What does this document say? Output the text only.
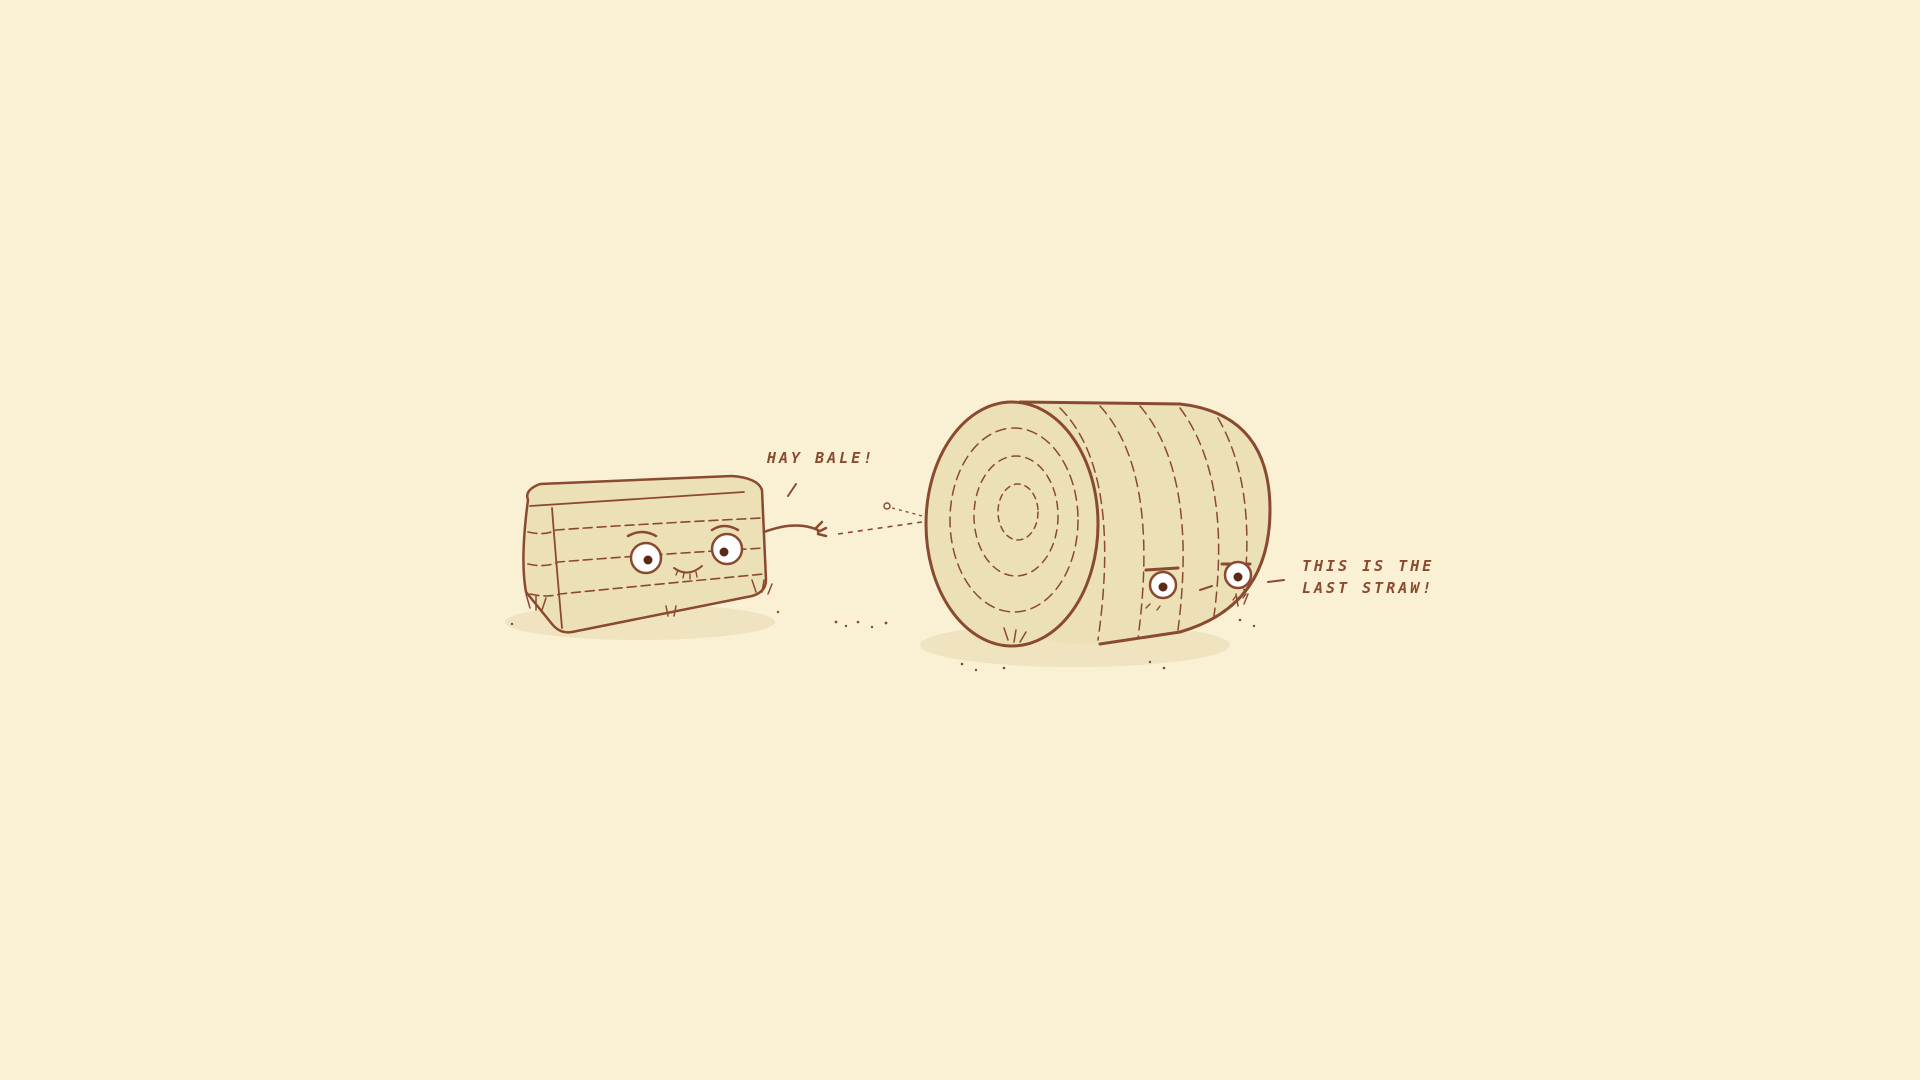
HAY BALE!
THIS IS THE
LAST STRAW!
